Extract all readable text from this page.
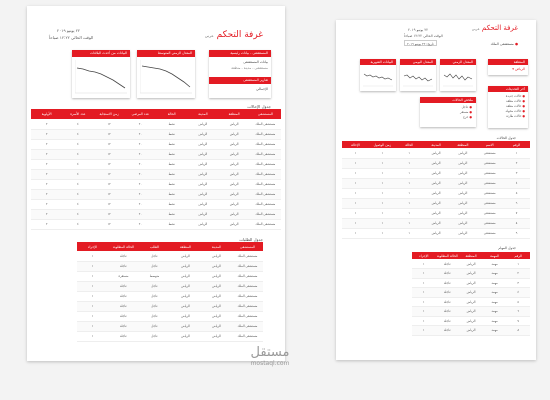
غرفة التحكم عربي
٢٢ يونيو ٢٠١٩
الوقت الحالي ١٢:٢٢ صباحاً
المستشفى - بيانات رئيسية
بيانات المستشفى
مستشفى - مدينة - منطقة
تقارير المستشفى
الإجمالي
المعدل الزمني المتوسط
البيانات من أحدث البلاغات
جدول الإحالات
المستشفى	المنطقة	المدينة	الحالة	عدد المرضى	زمن الاستجابة	عدد الأسرة	الأولوية
مستشفى الملك	الرياض	الرياض	نشط	٢٠	١٢	٤	٢
مستشفى الملك	الرياض	الرياض	نشط	٢٠	١٢	٤	٢
مستشفى الملك	الرياض	الرياض	نشط	٢٠	١٢	٤	٢
مستشفى الملك	الرياض	الرياض	نشط	٢٠	١٢	٤	٢
مستشفى الملك	الرياض	الرياض	نشط	٢٠	١٢	٤	٢
مستشفى الملك	الرياض	الرياض	نشط	٢٠	١٢	٤	٢
مستشفى الملك	الرياض	الرياض	نشط	٢٠	١٢	٤	٢
مستشفى الملك	الرياض	الرياض	نشط	٢٠	١٢	٤	٢
مستشفى الملك	الرياض	الرياض	نشط	٢٠	١٢	٤	٢
مستشفى الملك	الرياض	الرياض	نشط	٢٠	١٢	٤	٢
مستشفى الملك	الرياض	الرياض	نشط	٢٠	١٢	٤	٢
جدول الطلبات
المستشفى	المدينة	المنطقة	الطلب	الحالة المطلوبة	الإجراء
مستشفى الملك	الرياض	الرياض	عاجل	عاجلة	١
مستشفى الملك	الرياض	الرياض	عاجل	عاجلة	١
مستشفى الملك	الرياض	الرياض	متوسط	مستقرة	١
مستشفى الملك	الرياض	الرياض	عاجل	عاجلة	١
مستشفى الملك	الرياض	الرياض	عاجل	عاجلة	١
مستشفى الملك	الرياض	الرياض	عاجل	عاجلة	١
مستشفى الملك	الرياض	الرياض	عاجل	عاجلة	١
مستشفى الملك	الرياض	الرياض	عاجل	عاجلة	١
مستشفى الملك	الرياض	الرياض	عاجل	عاجلة	١
غرفة التحكم عربي
٢٢ يونيو ٢٠١٩
الوقت الحالي ١٢:٢٢ صباحاً
● مستشفى الملك
تاريخ: ٢٢ يونيو ٢٠١٩
المنطقة
الرياض ▾
المعدل الزمني
المعدل اليومي
البيانات الشهرية
آخر التحديثات
● حالات جديدة
● حالات مغلقة
● حالات معلقة
● حالات محولة
● حالات طارئة
ملخص الحالات
● عاجل
● مستقر
● حرج
جدول الحالات
الرقم	الاسم	المنطقة	المدينة	الحالة	زمن الوصول	الإحالة
١	مستشفى	الرياض	الرياض	١	١	١
٢	مستشفى	الرياض	الرياض	١	١	١
٣	مستشفى	الرياض	الرياض	١	١	١
٤	مستشفى	الرياض	الرياض	١	١	١
٥	مستشفى	الرياض	الرياض	١	١	١
٦	مستشفى	الرياض	الرياض	١	١	١
٧	مستشفى	الرياض	الرياض	١	١	١
٨	مستشفى	الرياض	الرياض	١	١	١
٩	مستشفى	الرياض	الرياض	١	١	١
جدول المهام
الرقم	المهمة	المنطقة	الحالة المطلوبة	الإجراء
١	مهمة	الرياض	عاجلة	١
٢	مهمة	الرياض	عاجلة	١
٣	مهمة	الرياض	عاجلة	١
٤	مهمة	الرياض	عاجلة	١
٥	مهمة	الرياض	عاجلة	١
٦	مهمة	الرياض	عاجلة	١
٧	مهمة	الرياض	عاجلة	١
٨	مهمة	الرياض	عاجلة	١
مستقل
mostaql.com
